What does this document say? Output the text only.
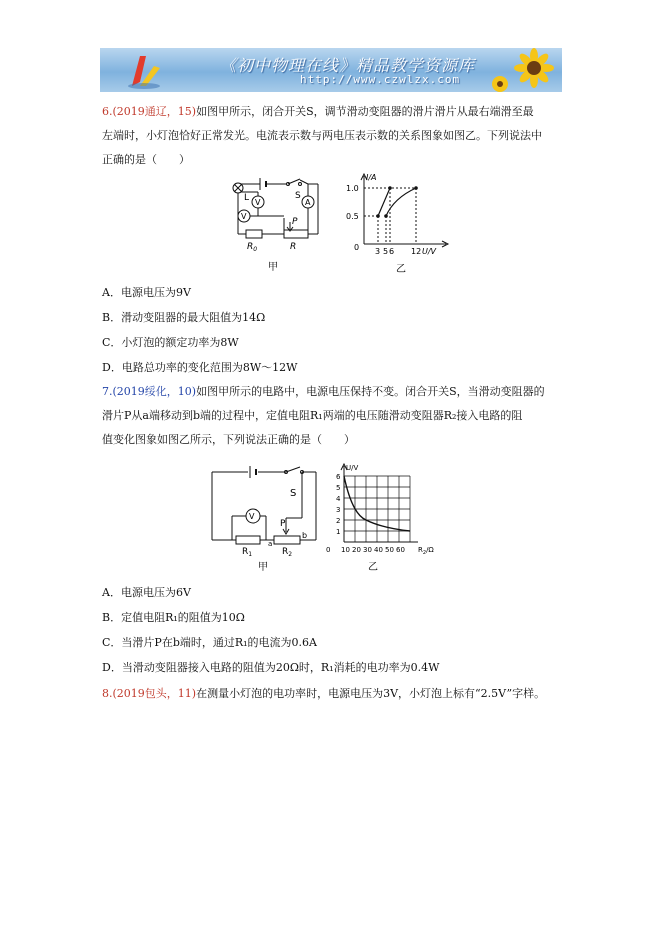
《初中物理在线》精品教学资源库
http://www.czwlzx.com
6.(2019通辽，15)如图甲所示，闭合开关S，调节滑动变阻器的滑片滑片从最右端滑至最
左端时，小灯泡恰好正常发光。电流表示数与两电压表示数的关系图象如图乙。下列说法中
正确的是（　　）
L V
V
S
A
P
$R_0$	R
甲
I/A
1.0
0.5
0 3 5 6 12 U/V
乙
A．电源电压为9V
B．滑动变阻器的最大阻值为14Ω
C．小灯泡的额定功率为8W
D．电路总功率的变化范围为8W～12W
7.(2019绥化，10)如图甲所示的电路中，电源电压保持不变。闭合开关S，当滑动变阻器的
滑片P从a端移动到b端的过程中，定值电阻R₁两端的电压随滑动变阻器R₂接入电路的阻
值变化图象如图乙所示，下列说法正确的是（　　）
S
V
P
$R_1$
a
$R_2$
b
甲
U/V
6
5
4
3
2
1
0 10 20 30 40 50 60 $R_2/\Omega$
乙
A．电源电压为6V
B．定值电阻R₁的阻值为10Ω
C．当滑片P在b端时，通过R₁的电流为0.6A
D．当滑动变阻器接入电路的阻值为20Ω时，R₁消耗的电功率为0.4W
8.(2019包头，11)在测量小灯泡的电功率时，电源电压为3V，小灯泡上标有“2.5V”字样。
